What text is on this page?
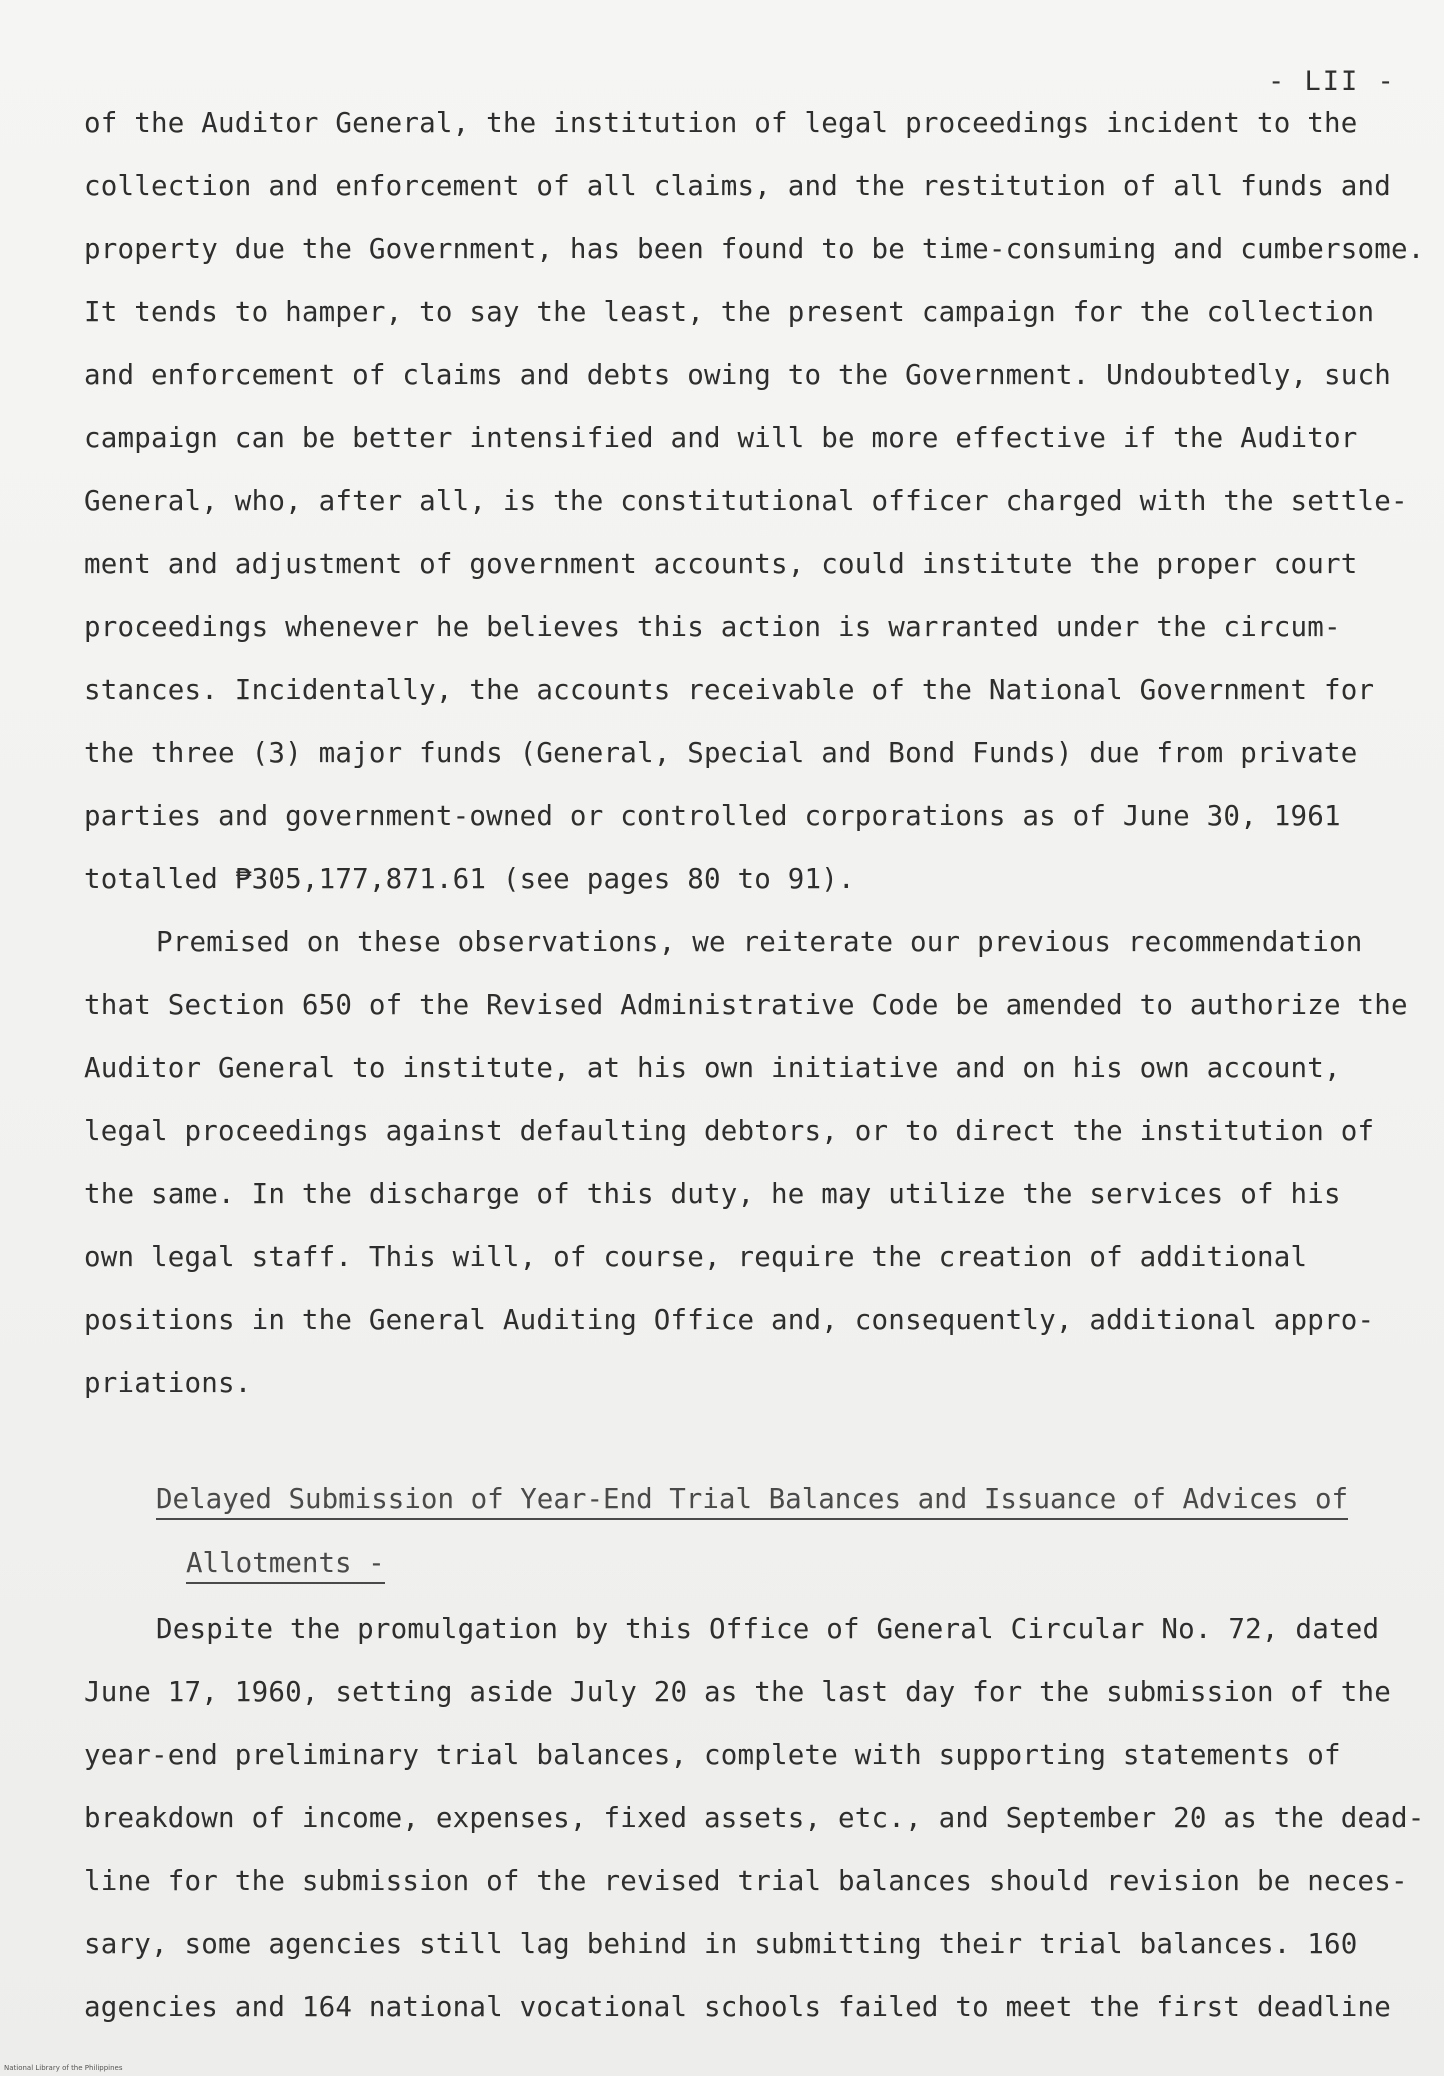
- LII -
of the Auditor General, the institution of legal proceedings incident to the
collection and enforcement of all claims, and the restitution of all funds and
property due the Government, has been found to be time-consuming and cumbersome.
It tends to hamper, to say the least, the present campaign for the collection
and enforcement of claims and debts owing to the Government. Undoubtedly, such
campaign can be better intensified and will be more effective if the Auditor
General, who, after all, is the constitutional officer charged with the settle-
ment and adjustment of government accounts, could institute the proper court
proceedings whenever he believes this action is warranted under the circum-
stances. Incidentally, the accounts receivable of the National Government for
the three (3) major funds (General, Special and Bond Funds) due from private
parties and government-owned or controlled corporations as of June 30, 1961
totalled ₱305,177,871.61 (see pages 80 to 91).
Premised on these observations, we reiterate our previous recommendation
that Section 650 of the Revised Administrative Code be amended to authorize the
Auditor General to institute, at his own initiative and on his own account,
legal proceedings against defaulting debtors, or to direct the institution of
the same. In the discharge of this duty, he may utilize the services of his
own legal staff. This will, of course, require the creation of additional
positions in the General Auditing Office and, consequently, additional appro-
priations.
Delayed Submission of Year-End Trial Balances and Issuance of Advices of
Allotments -
Despite the promulgation by this Office of General Circular No. 72, dated
June 17, 1960, setting aside July 20 as the last day for the submission of the
year-end preliminary trial balances, complete with supporting statements of
breakdown of income, expenses, fixed assets, etc., and September 20 as the dead-
line for the submission of the revised trial balances should revision be neces-
sary, some agencies still lag behind in submitting their trial balances. 160
agencies and 164 national vocational schools failed to meet the first deadline
National Library of the Philippines
